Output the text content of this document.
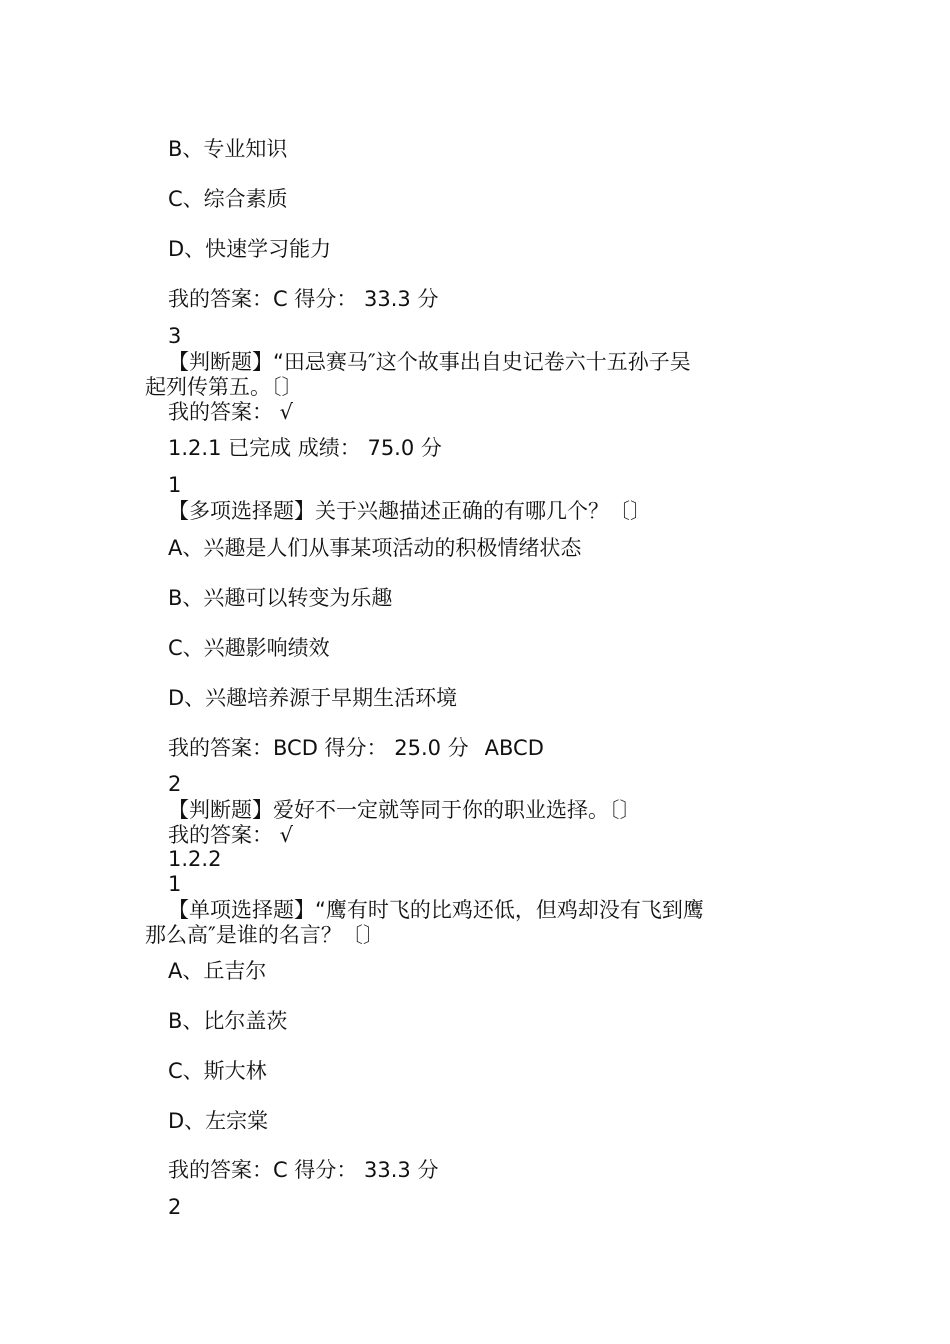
B、专业知识
C、综合素质
D、快速学习能力
我的答案：C 得分： 33.3 分
3
【判断题】“田忌赛马″这个故事出自史记卷六十五孙子吴
起列传第五。〔〕
我的答案： √
1.2.1 已完成 成绩： 75.0 分
1
【多项选择题】关于兴趣描述正确的有哪几个？〔〕
A、兴趣是人们从事某项活动的积极情绪状态
B、兴趣可以转变为乐趣
C、兴趣影响绩效
D、兴趣培养源于早期生活环境
我的答案：BCD 得分： 25.0 分 ABCD
2
【判断题】爱好不一定就等同于你的职业选择。〔〕
我的答案： √
1.2.2
1
【单项选择题】“鹰有时飞的比鸡还低，但鸡却没有飞到鹰
那么高″是谁的名言？〔〕
A、丘吉尔
B、比尔盖茨
C、斯大林
D、左宗棠
我的答案：C 得分： 33.3 分
2
